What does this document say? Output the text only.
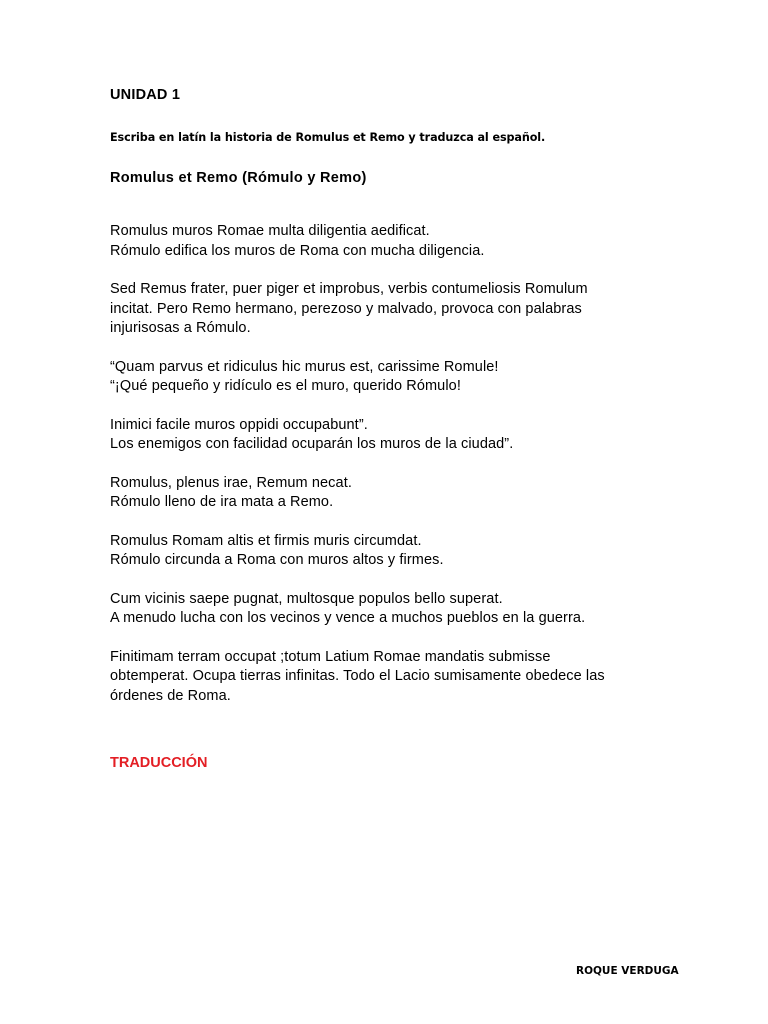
UNIDAD 1

Escriba en latín la historia de Romulus et Remo y traduzca al español.

Romulus et Remo (Rómulo y Remo)

Romulus muros Romae multa diligentia aedificat.
Rómulo edifica los muros de Roma con mucha diligencia.

Sed Remus frater, puer piger et improbus, verbis contumeliosis Romulum
incitat. Pero Remo hermano, perezoso y malvado, provoca con palabras
injurisosas a Rómulo.

“Quam parvus et ridiculus hic murus est, carissime Romule!
“¡Qué pequeño y ridículo es el muro, querido Rómulo!

Inimici facile muros oppidi occupabunt”.
Los enemigos con facilidad ocuparán los muros de la ciudad”.

Romulus, plenus irae, Remum necat.
Rómulo lleno de ira mata a Remo.

Romulus Romam altis et firmis muris circumdat.
Rómulo circunda a Roma con muros altos y firmes.

Cum vicinis saepe pugnat, multosque populos bello superat.
A menudo lucha con los vecinos y vence a muchos pueblos en la guerra.

Finitimam terram occupat ;totum Latium Romae mandatis submisse
obtemperat. Ocupa tierras infinitas. Todo el Lacio sumisamente obedece las
órdenes de Roma.

TRADUCCIÓN

ROQUE VERDUGA
